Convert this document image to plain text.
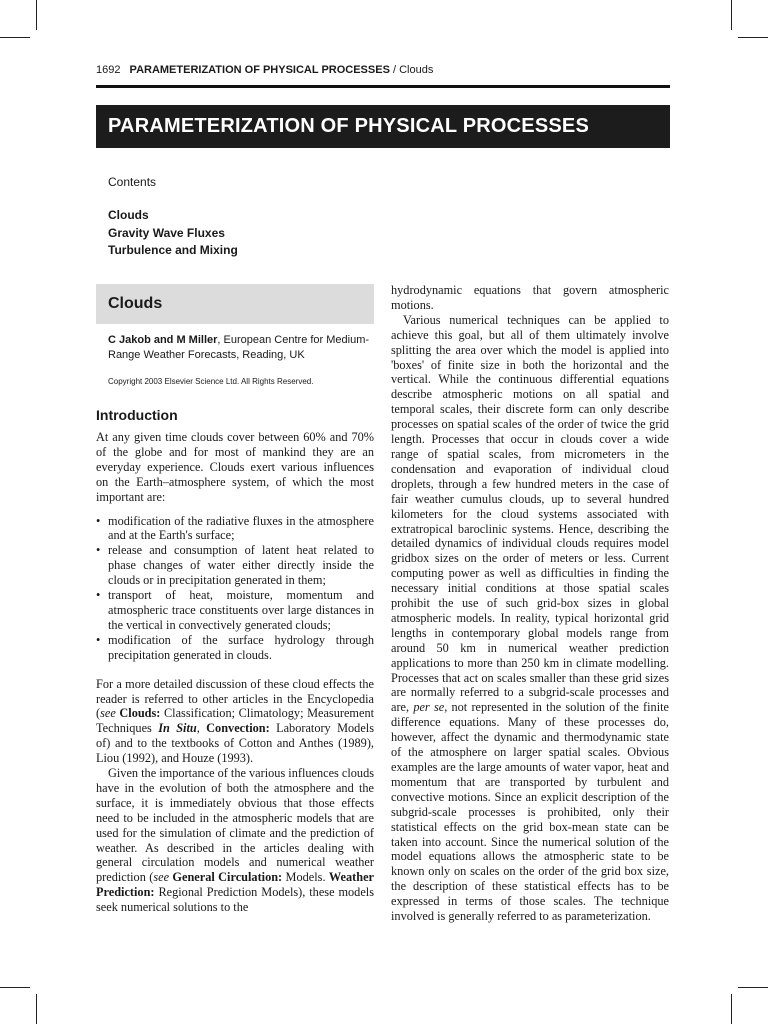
1692 PARAMETERIZATION OF PHYSICAL PROCESSES / Clouds
PARAMETERIZATION OF PHYSICAL PROCESSES
Contents
Clouds
Gravity Wave Fluxes
Turbulence and Mixing
Clouds
C Jakob and M Miller, European Centre for Medium-Range Weather Forecasts, Reading, UK
Copyright 2003 Elsevier Science Ltd. All Rights Reserved.
Introduction

At any given time clouds cover between 60% and 70% of the globe and for most of mankind they are an everyday experience. Clouds exert various influences on the Earth–atmosphere system, of which the most important are:

• modification of the radiative fluxes in the atmosphere and at the Earth's surface;
• release and consumption of latent heat related to phase changes of water either directly inside the clouds or in precipitation generated in them;
• transport of heat, moisture, momentum and atmospheric trace constituents over large distances in the vertical in convectively generated clouds;
• modification of the surface hydrology through precipitation generated in clouds.

For a more detailed discussion of these cloud effects the reader is referred to other articles in the Encyclopedia (see Clouds: Classification; Climatology; Measurement Techniques In Situ, Convection: Laboratory Models of) and to the textbooks of Cotton and Anthes (1989), Liou (1992), and Houze (1993).

Given the importance of the various influences clouds have in the evolution of both the atmosphere and the surface, it is immediately obvious that those effects need to be included in the atmospheric models that are used for the simulation of climate and the prediction of weather. As described in the articles dealing with general circulation models and numerical weather prediction (see General Circulation: Models. Weather Prediction: Regional Prediction Models), these models seek numerical solutions to the

hydrodynamic equations that govern atmospheric motions.

Various numerical techniques can be applied to achieve this goal, but all of them ultimately involve splitting the area over which the model is applied into 'boxes' of finite size in both the horizontal and the vertical. While the continuous differential equations describe atmospheric motions on all spatial and temporal scales, their discrete form can only describe processes on spatial scales of the order of twice the grid length. Processes that occur in clouds cover a wide range of spatial scales, from micrometers in the condensation and evaporation of individual cloud droplets, through a few hundred meters in the case of fair weather cumulus clouds, up to several hundred kilometers for the cloud systems associated with extratropical baroclinic systems. Hence, describing the detailed dynamics of individual clouds requires model gridbox sizes on the order of meters or less. Current computing power as well as difficulties in finding the necessary initial conditions at those spatial scales prohibit the use of such grid-box sizes in global atmospheric models. In reality, typical horizontal grid lengths in contemporary global models range from around 50 km in numerical weather prediction applications to more than 250 km in climate modelling. Processes that act on scales smaller than these grid sizes are normally referred to a subgrid-scale processes and are, per se, not represented in the solution of the finite difference equations. Many of these processes do, however, affect the dynamic and thermodynamic state of the atmosphere on larger spatial scales. Obvious examples are the large amounts of water vapor, heat and momentum that are transported by turbulent and convective motions. Since an explicit description of the subgrid-scale processes is prohibited, only their statistical effects on the grid box-mean state can be taken into account. Since the numerical solution of the model equations allows the atmospheric state to be known only on scales on the order of the grid box size, the description of these statistical effects has to be expressed in terms of those scales. The technique involved is generally referred to as parameterization.
